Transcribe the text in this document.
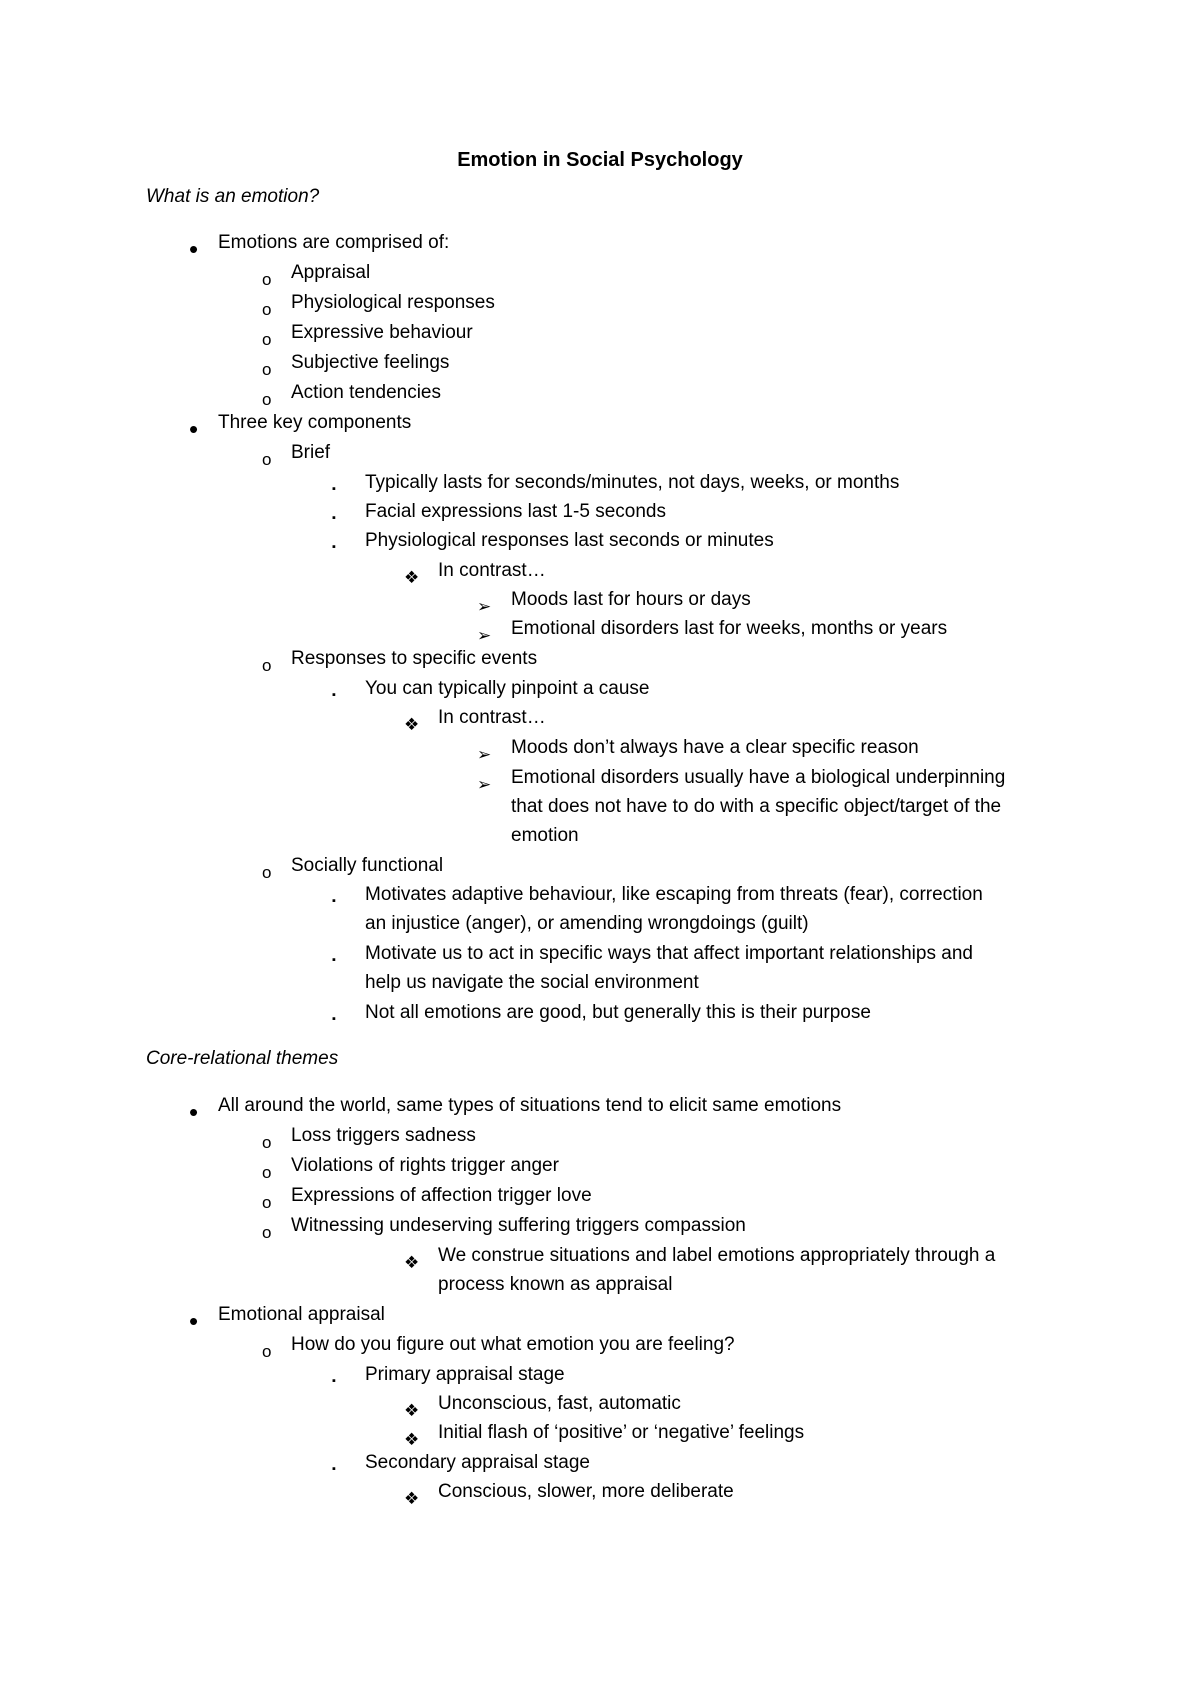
Emotion in Social Psychology
What is an emotion?
• Emotions are comprised of:
o Appraisal
o Physiological responses
o Expressive behaviour
o Subjective feelings
o Action tendencies
• Three key components
o Brief
▪ Typically lasts for seconds/minutes, not days, weeks, or months
▪ Facial expressions last 1-5 seconds
▪ Physiological responses last seconds or minutes
❖ In contrast…
➢ Moods last for hours or days
➢ Emotional disorders last for weeks, months or years
o Responses to specific events
▪ You can typically pinpoint a cause
❖ In contrast…
➢ Moods don’t always have a clear specific reason
➢ Emotional disorders usually have a biological underpinning
that does not have to do with a specific object/target of the
emotion
o Socially functional
▪ Motivates adaptive behaviour, like escaping from threats (fear), correction
an injustice (anger), or amending wrongdoings (guilt)
▪ Motivate us to act in specific ways that affect important relationships and
help us navigate the social environment
▪ Not all emotions are good, but generally this is their purpose
Core-relational themes
• All around the world, same types of situations tend to elicit same emotions
o Loss triggers sadness
o Violations of rights trigger anger
o Expressions of affection trigger love
o Witnessing undeserving suffering triggers compassion
❖ We construe situations and label emotions appropriately through a
process known as appraisal
• Emotional appraisal
o How do you figure out what emotion you are feeling?
▪ Primary appraisal stage
❖ Unconscious, fast, automatic
❖ Initial flash of ‘positive’ or ‘negative’ feelings
▪ Secondary appraisal stage
❖ Conscious, slower, more deliberate
